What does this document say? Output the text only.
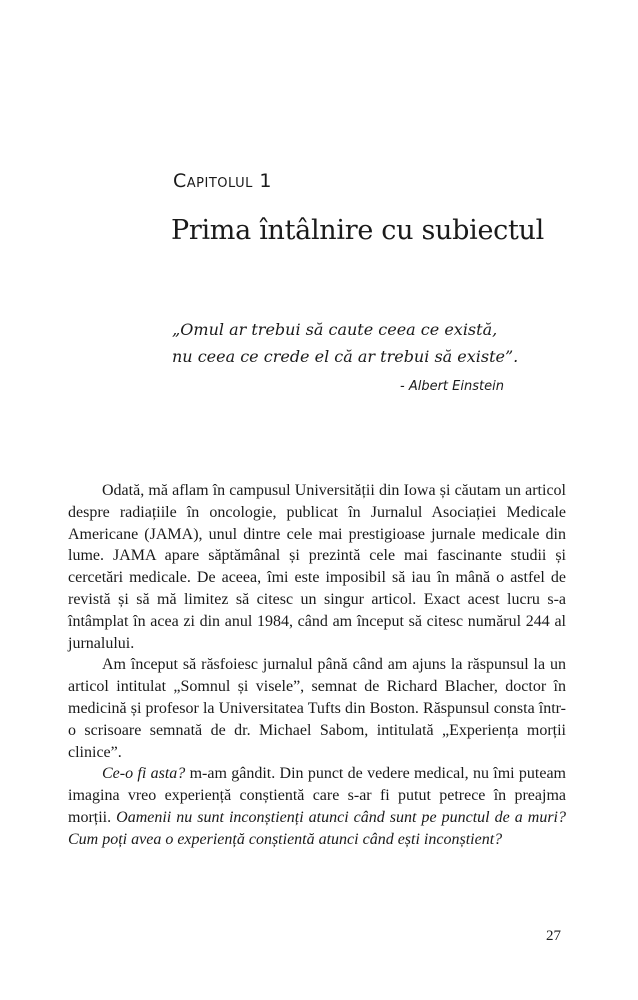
Capitolul 1
Prima întâlnire cu subiectul
„Omul ar trebui să caute ceea ce există,
nu ceea ce crede el că ar trebui să existe”.

- Albert Einstein

Odată, mă aflam în campusul Universității din Iowa și căutam un articol despre radiațiile în oncologie, publicat în Jurnalul Asociației Medicale Americane (JAMA), unul dintre cele mai prestigioase jurnale medicale din lume. JAMA apare săptămânal și prezintă cele mai fascinante studii și cercetări medicale. De aceea, îmi este imposibil să iau în mână o astfel de revistă și să mă limitez să citesc un singur articol. Exact acest lucru s-a întâmplat în acea zi din anul 1984, când am început să citesc numărul 244 al jurnalului.

Am început să răsfoiesc jurnalul până când am ajuns la răspunsul la un articol intitulat „Somnul și visele”, semnat de Richard Blacher, doctor în medicină și profesor la Universitatea Tufts din Boston. Răspunsul consta într-o scrisoare semnată de dr. Michael Sabom, intitulată „Experiența morții clinice”.

Ce-o fi asta? m-am gândit. Din punct de vedere medical, nu îmi puteam imagina vreo experiență conștientă care s-ar fi putut petrece în preajma morții. Oamenii nu sunt inconștienți atunci când sunt pe punctul de a muri? Cum poți avea o experiență conștientă atunci când ești inconștient?

27
